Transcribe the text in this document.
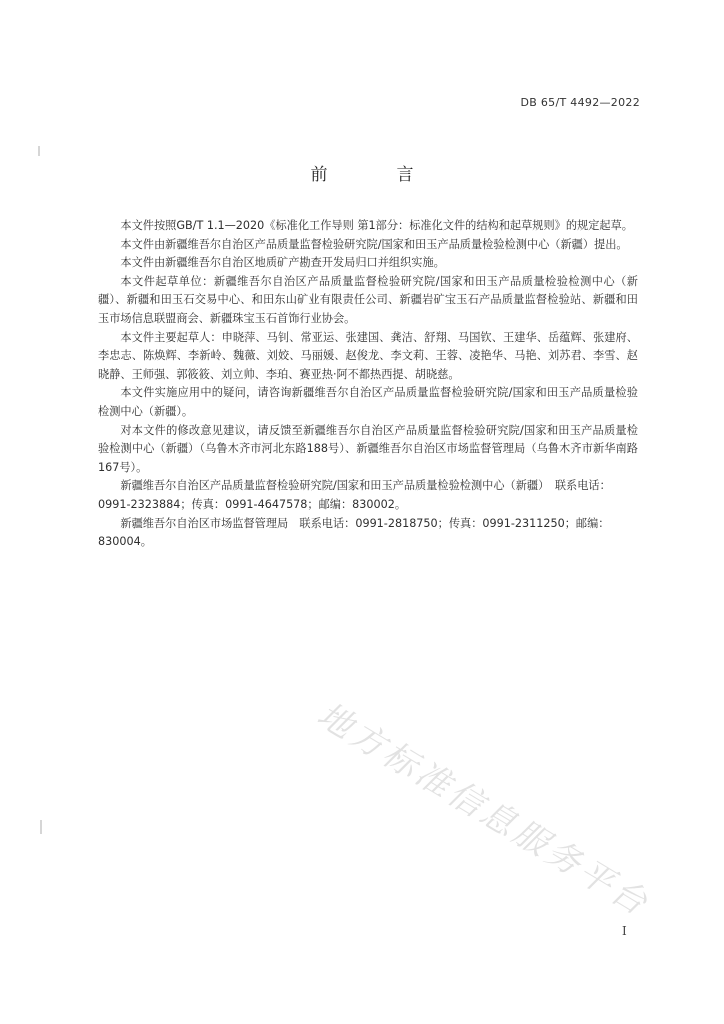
DB 65/T 4492—2022
前　言

本文件按照GB/T 1.1—2020《标准化工作导则 第1部分：标准化文件的结构和起草规则》的规定起草。

本文件由新疆维吾尔自治区产品质量监督检验研究院/国家和田玉产品质量检验检测中心（新疆）提出。

本文件由新疆维吾尔自治区地质矿产勘查开发局归口并组织实施。

本文件起草单位：新疆维吾尔自治区产品质量监督检验研究院/国家和田玉产品质量检验检测中心（新疆）、新疆和田玉石交易中心、和田东山矿业有限责任公司、新疆岩矿宝玉石产品质量监督检验站、新疆和田玉市场信息联盟商会、新疆珠宝玉石首饰行业协会。

本文件主要起草人：申晓萍、马钊、常亚运、张建国、龚洁、舒翔、马国钦、王建华、岳蕴辉、张建府、李忠志、陈焕辉、李新岭、魏薇、刘姣、马丽媛、赵俊龙、李文莉、王蓉、凌艳华、马艳、刘苏君、李雪、赵晓静、王师强、郭筱筱、刘立帅、李珀、赛亚热·阿不都热西提、胡晓慈。

本文件实施应用中的疑问，请咨询新疆维吾尔自治区产品质量监督检验研究院/国家和田玉产品质量检验检测中心（新疆）。

对本文件的修改意见建议，请反馈至新疆维吾尔自治区产品质量监督检验研究院/国家和田玉产品质量检验检测中心（新疆）（乌鲁木齐市河北东路188号）、新疆维吾尔自治区市场监督管理局（乌鲁木齐市新华南路167号）。

新疆维吾尔自治区产品质量监督检验研究院/国家和田玉产品质量检验检测中心（新疆）　联系电话：0991-2323884；传真：0991-4647578；邮编：830002。

新疆维吾尔自治区市场监督管理局　联系电话：0991-2818750；传真：0991-2311250；邮编：830004。

地方标准信息服务平台
I
